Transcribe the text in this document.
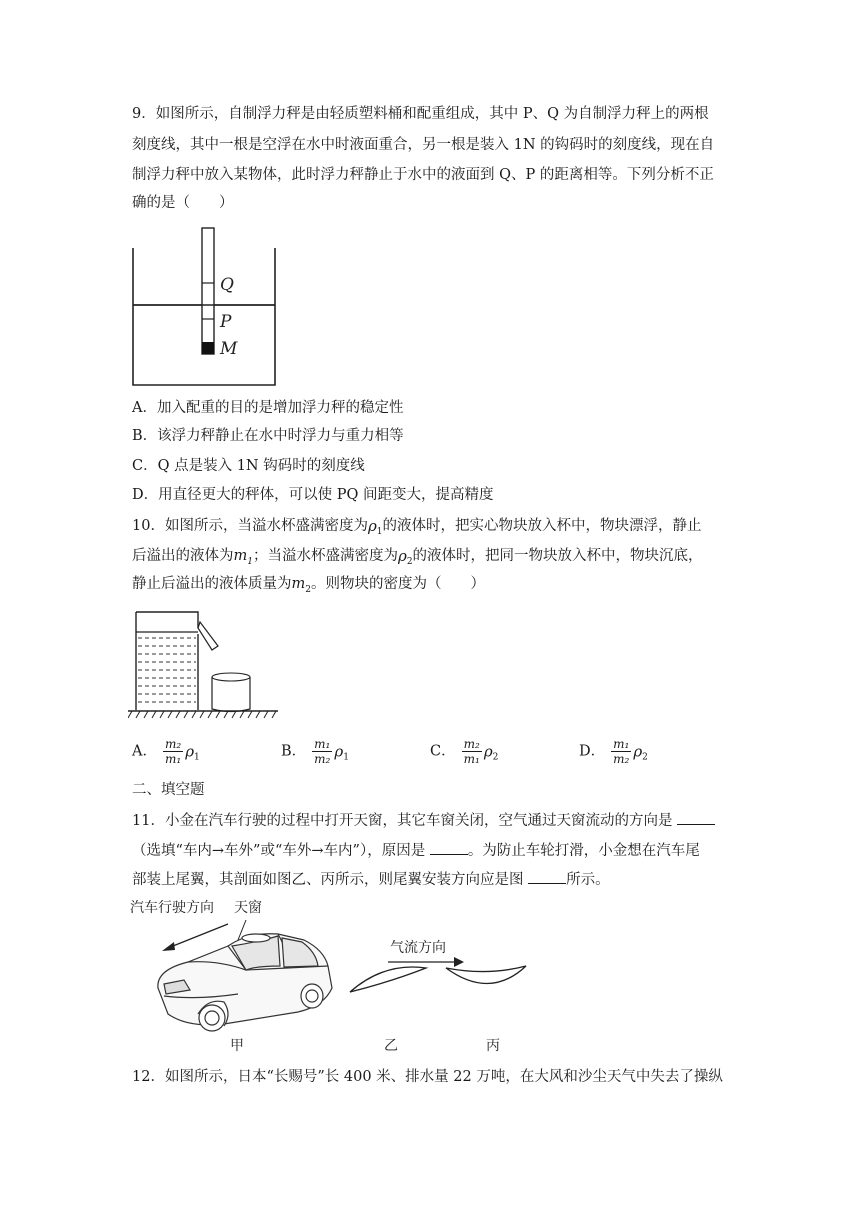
9．如图所示，自制浮力秤是由轻质塑料桶和配重组成，其中 P、Q 为自制浮力秤上的两根
刻度线，其中一根是空浮在水中时液面重合，另一根是装入 1N 的钩码时的刻度线，现在自
制浮力秤中放入某物体，此时浮力秤静止于水中的液面到 Q、P 的距离相等。下列分析不正
确的是（　　）
Q
P
M
A．加入配重的目的是增加浮力秤的稳定性
B．该浮力秤静止在水中时浮力与重力相等
C．Q 点是装入 1N 钩码时的刻度线
D．用直径更大的秤体，可以使 PQ 间距变大，提高精度
10．如图所示，当溢水杯盛满密度为$\rho_1$的液体时，把实心物块放入杯中，物块漂浮，静止
后溢出的液体为$m_1$；当溢水杯盛满密度为$\rho_2$的液体时，把同一物块放入杯中，物块沉底，
静止后溢出的液体质量为$m_2$。则物块的密度为（　　）
A． $\frac{\text{m₂}}{\text{m₁}} \rho_1$	B． $\frac{\text{m₁}}{\text{m₂}} \rho_1$	C． $\frac{\text{m₂}}{\text{m₁}} \rho_2$	D． $\frac{\text{m₁}}{\text{m₂}} \rho_2$
二、填空题
11．小金在汽车行驶的过程中打开天窗，其它车窗关闭，空气通过天窗流动的方向是
（选填“车内→车外”或“车外→车内”），原因是	。为防止车轮打滑，小金想在汽车尾
部装上尾翼，其剖面如图乙、丙所示，则尾翼安装方向应是图	所示。
汽车行驶方向 天窗
气流方向
甲	乙	丙
12．如图所示，日本“长赐号”长 400 米、排水量 22 万吨，在大风和沙尘天气中失去了操纵
